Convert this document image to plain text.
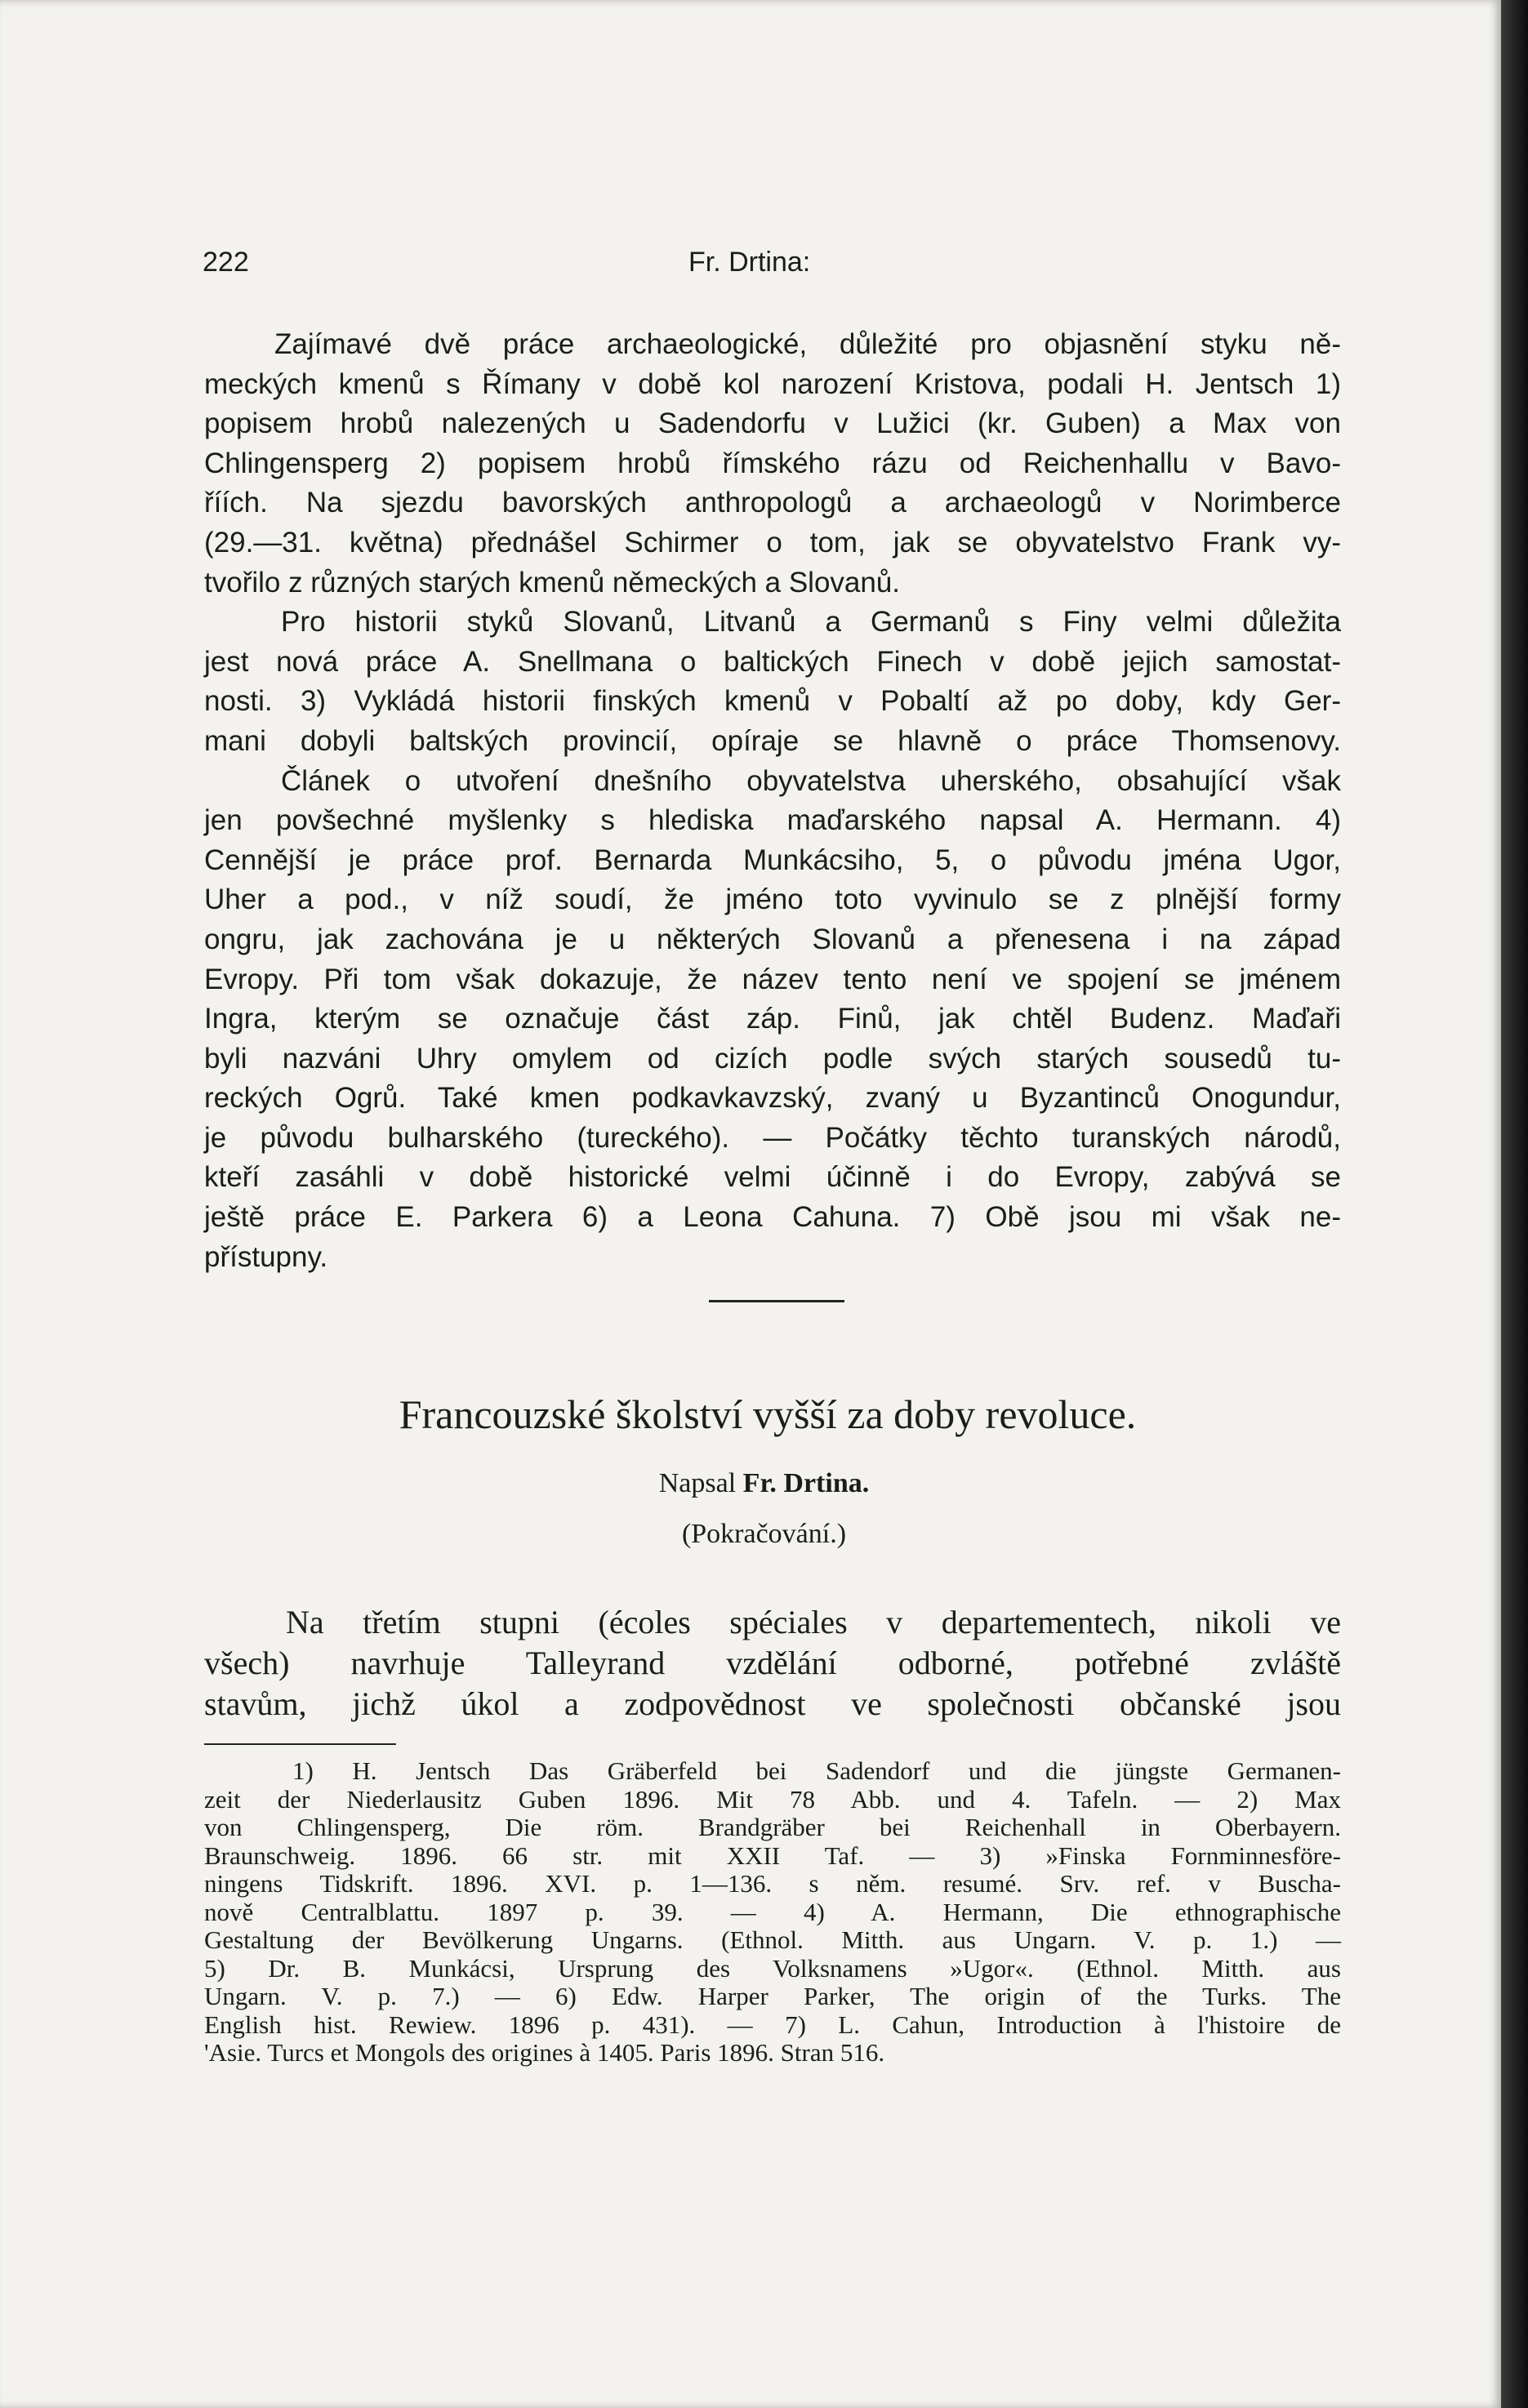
222	Fr. Drtina:
Zajímavé dvě práce archaeologické, důležité pro objasnění styku ně-
meckých kmenů s Římany v době kol narození Kristova, podali H. Jentsch 1)
popisem hrobů nalezených u Sadendorfu v Lužici (kr. Guben) a Max von
Chlingensperg 2) popisem hrobů římského rázu od Reichenhallu v Bavo-
říích. Na sjezdu bavorských anthropologů a archaeologů v Norimberce
(29.—31. května) přednášel Schirmer o tom, jak se obyvatelstvo Frank vy-
tvořilo z různých starých kmenů německých a Slovanů.
Pro historii styků Slovanů, Litvanů a Germanů s Finy velmi důležita
jest nová práce A. Snellmana o baltických Finech v době jejich samostat-
nosti. 3) Vykládá historii finských kmenů v Pobaltí až po doby, kdy Ger-
mani dobyli baltských provincií, opíraje se hlavně o práce Thomsenovy.
Článek o utvoření dnešního obyvatelstva uherského, obsahující však
jen povšechné myšlenky s hlediska maďarského napsal A. Hermann. 4)
Cennější je práce prof. Bernarda Munkácsiho, 5, o původu jména Ugor,
Uher a pod., v níž soudí, že jméno toto vyvinulo se z plnější formy
ongru, jak zachována je u některých Slovanů a přenesena i na západ
Evropy. Při tom však dokazuje, že název tento není ve spojení se jménem
Ingra, kterým se označuje část záp. Finů, jak chtěl Budenz. Maďaři
byli nazváni Uhry omylem od cizích podle svých starých sousedů tu-
reckých Ogrů. Také kmen podkavkavzský, zvaný u Byzantinců Onogundur,
je původu bulharského (tureckého). — Počátky těchto turanských národů,
kteří zasáhli v době historické velmi účinně i do Evropy, zabývá se
ještě práce E. Parkera 6) a Leona Cahuna. 7) Obě jsou mi však ne-
přístupny.
Francouzské školství vyšší za doby revoluce.
Napsal Fr. Drtina.
(Pokračování.)
Na třetím stupni (écoles spéciales v departementech, nikoli ve
všech) navrhuje Talleyrand vzdělání odborné, potřebné zvláště
stavům, jichž úkol a zodpovědnost ve společnosti občanské jsou
1) H. Jentsch Das Gräberfeld bei Sadendorf und die jüngste Germanen-
zeit der Niederlausitz Guben 1896. Mit 78 Abb. und 4. Tafeln. — 2) Max
von Chlingensperg, Die röm. Brandgräber bei Reichenhall in Oberbayern.
Braunschweig. 1896. 66 str. mit XXII Taf. — 3) »Finska Fornminnesföre-
ningens Tidskrift. 1896. XVI. p. 1—136. s něm. resumé. Srv. ref. v Buscha-
nově Centralblattu. 1897 p. 39. — 4) A. Hermann, Die ethnographische
Gestaltung der Bevölkerung Ungarns. (Ethnol. Mitth. aus Ungarn. V. p. 1.) —
5) Dr. B. Munkácsi, Ursprung des Volksnamens »Ugor«. (Ethnol. Mitth. aus
Ungarn. V. p. 7.) — 6) Edw. Harper Parker, The origin of the Turks. The
English hist. Rewiew. 1896 p. 431). — 7) L. Cahun, Introduction à l'histoire de
'Asie. Turcs et Mongols des origines à 1405. Paris 1896. Stran 516.
